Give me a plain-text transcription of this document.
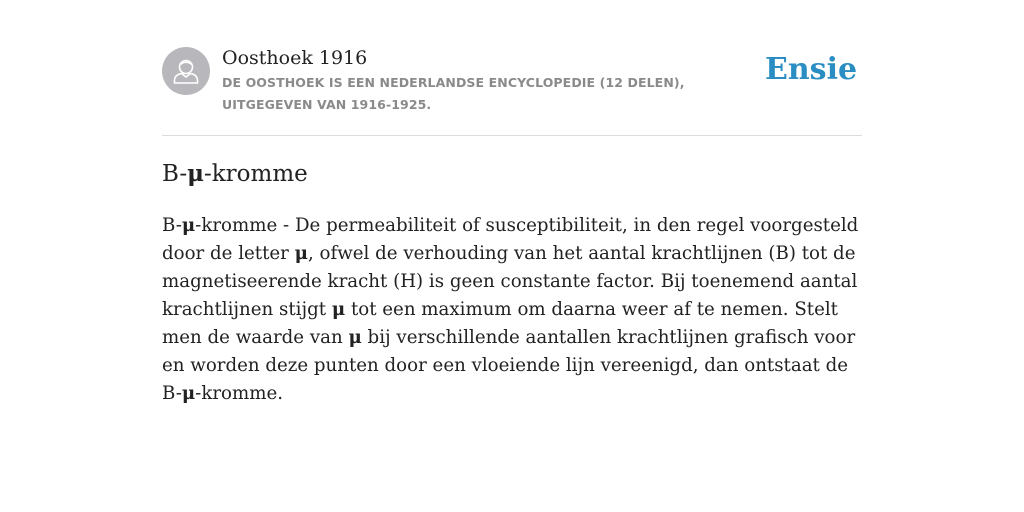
Oosthoek 1916
DE OOSTHOEK IS EEN NEDERLANDSE ENCYCLOPEDIE (12 DELEN), UITGEGEVEN VAN 1916-1925.
Ensie
B-μ-kromme

B-μ-kromme - De permeabiliteit of susceptibiliteit, in den regel voorgesteld door de letter μ, ofwel de verhouding van het aantal krachtlijnen (B) tot de magnetiseerende kracht (H) is geen constante factor. Bij toenemend aantal krachtlijnen stijgt μ tot een maximum om daarna weer af te nemen. Stelt men de waarde van μ bij verschillende aantallen krachtlijnen grafisch voor en worden deze punten door een vloeiende lijn vereenigd, dan ontstaat de B-μ-kromme.
